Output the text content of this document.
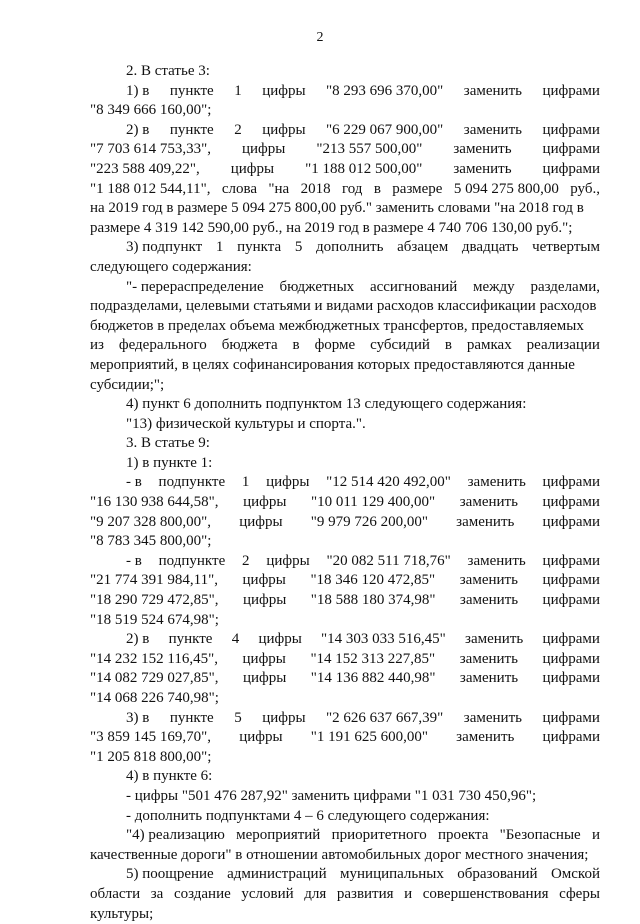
2
2. В статье 3:
1) в пункте 1 цифры "8 293 696 370,00" заменить цифрами
"8 349 666 160,00";
2) в пункте 2 цифры "6 229 067 900,00" заменить цифрами
"7 703 614 753,33", цифры "213 557 500,00" заменить цифрами
"223 588 409,22", цифры "1 188 012 500,00" заменить цифрами
"1 188 012 544,11", слова "на 2018 год в размере 5 094 275 800,00 руб.,
на 2019 год в размере 5 094 275 800,00 руб." заменить словами "на 2018 год в
размере 4 319 142 590,00 руб., на 2019 год в размере 4 740 706 130,00 руб.";
3) подпункт 1 пункта 5 дополнить абзацем двадцать четвертым
следующего содержания:
"- перераспределение бюджетных ассигнований между разделами,
подразделами, целевыми статьями и видами расходов классификации расходов
бюджетов в пределах объема межбюджетных трансфертов, предоставляемых
из федерального бюджета в форме субсидий в рамках реализации
мероприятий, в целях софинансирования которых предоставляются данные
субсидии;";
4) пункт 6 дополнить подпунктом 13 следующего содержания:
"13) физической культуры и спорта.".
3. В статье 9:
1) в пункте 1:
- в подпункте 1 цифры "12 514 420 492,00" заменить цифрами
"16 130 938 644,58", цифры "10 011 129 400,00" заменить цифрами
"9 207 328 800,00", цифры "9 979 726 200,00" заменить цифрами
"8 783 345 800,00";
- в подпункте 2 цифры "20 082 511 718,76" заменить цифрами
"21 774 391 984,11", цифры "18 346 120 472,85" заменить цифрами
"18 290 729 472,85", цифры "18 588 180 374,98" заменить цифрами
"18 519 524 674,98";
2) в пункте 4 цифры "14 303 033 516,45" заменить цифрами
"14 232 152 116,45", цифры "14 152 313 227,85" заменить цифрами
"14 082 729 027,85", цифры "14 136 882 440,98" заменить цифрами
"14 068 226 740,98";
3) в пункте 5 цифры "2 626 637 667,39" заменить цифрами
"3 859 145 169,70", цифры "1 191 625 600,00" заменить цифрами
"1 205 818 800,00";
4) в пункте 6:
- цифры "501 476 287,92" заменить цифрами "1 031 730 450,96";
- дополнить подпунктами 4 – 6 следующего содержания:
"4) реализацию мероприятий приоритетного проекта "Безопасные и
качественные дороги" в отношении автомобильных дорог местного значения;
5) поощрение администраций муниципальных образований Омской
области за создание условий для развития и совершенствования сферы
культуры;
